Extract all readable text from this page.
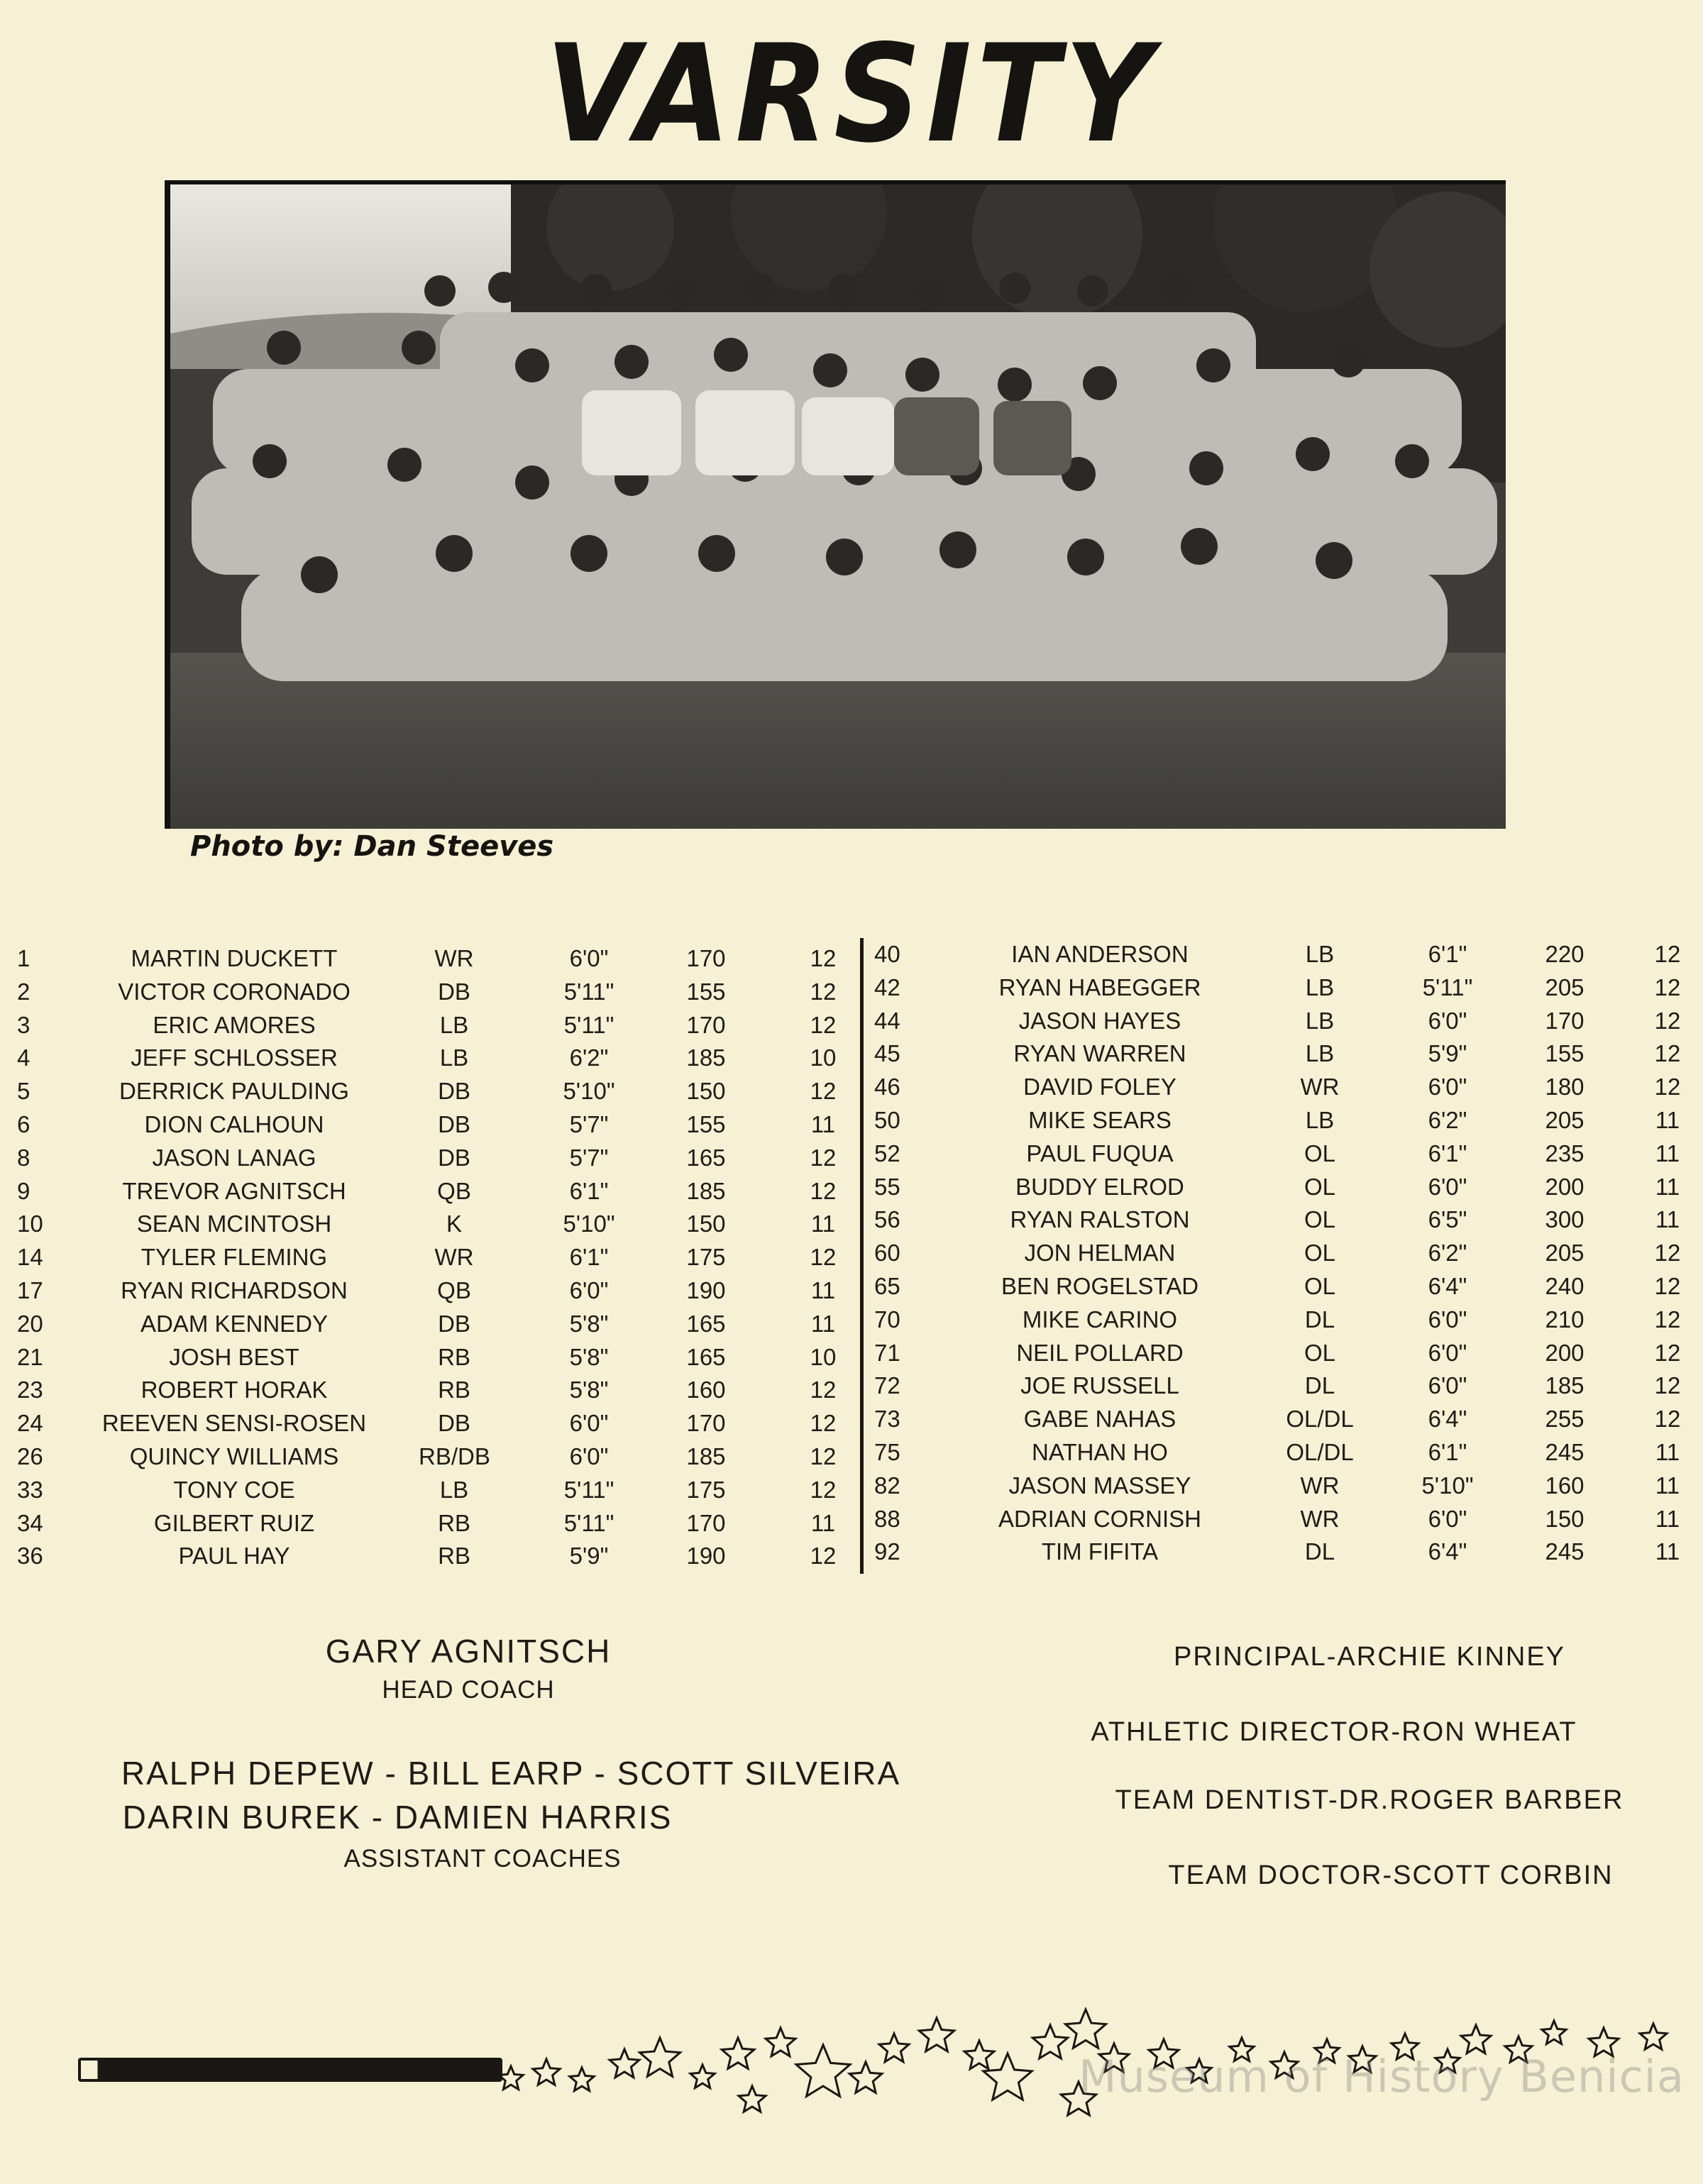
VARSITY
Photo by: Dan Steeves
1	MARTIN DUCKETT	WR	6'0"	170	12
2	VICTOR CORONADO	DB	5'11"	155	12
3	ERIC AMORES	LB	5'11"	170	12
4	JEFF SCHLOSSER	LB	6'2"	185	10
5	DERRICK PAULDING	DB	5'10"	150	12
6	DION CALHOUN	DB	5'7"	155	11
8	JASON LANAG	DB	5'7"	165	12
9	TREVOR AGNITSCH	QB	6'1"	185	12
10	SEAN MCINTOSH	K	5'10"	150	11
14	TYLER FLEMING	WR	6'1"	175	12
17	RYAN RICHARDSON	QB	6'0"	190	11
20	ADAM KENNEDY	DB	5'8"	165	11
21	JOSH BEST	RB	5'8"	165	10
23	ROBERT HORAK	RB	5'8"	160	12
24	REEVEN SENSI-ROSEN	DB	6'0"	170	12
26	QUINCY WILLIAMS	RB/DB	6'0"	185	12
33	TONY COE	LB	5'11"	175	12
34	GILBERT RUIZ	RB	5'11"	170	11
36	PAUL HAY	RB	5'9"	190	12
40	IAN ANDERSON	LB	6'1"	220	12
42	RYAN HABEGGER	LB	5'11"	205	12
44	JASON HAYES	LB	6'0"	170	12
45	RYAN WARREN	LB	5'9"	155	12
46	DAVID FOLEY	WR	6'0"	180	12
50	MIKE SEARS	LB	6'2"	205	11
52	PAUL FUQUA	OL	6'1"	235	11
55	BUDDY ELROD	OL	6'0"	200	11
56	RYAN RALSTON	OL	6'5"	300	11
60	JON HELMAN	OL	6'2"	205	12
65	BEN ROGELSTAD	OL	6'4"	240	12
70	MIKE CARINO	DL	6'0"	210	12
71	NEIL POLLARD	OL	6'0"	200	12
72	JOE RUSSELL	DL	6'0"	185	12
73	GABE NAHAS	OL/DL	6'4"	255	12
75	NATHAN HO	OL/DL	6'1"	245	11
82	JASON MASSEY	WR	5'10"	160	11
88	ADRIAN CORNISH	WR	6'0"	150	11
92	TIM FIFITA	DL	6'4"	245	11
GARY AGNITSCH
HEAD COACH
RALPH DEPEW - BILL EARP - SCOTT SILVEIRA
DARIN BUREK - DAMIEN HARRIS
ASSISTANT COACHES
PRINCIPAL-ARCHIE KINNEY
ATHLETIC DIRECTOR-RON WHEAT
TEAM DENTIST-DR.ROGER BARBER
TEAM DOCTOR-SCOTT CORBIN
Museum of History Benicia
